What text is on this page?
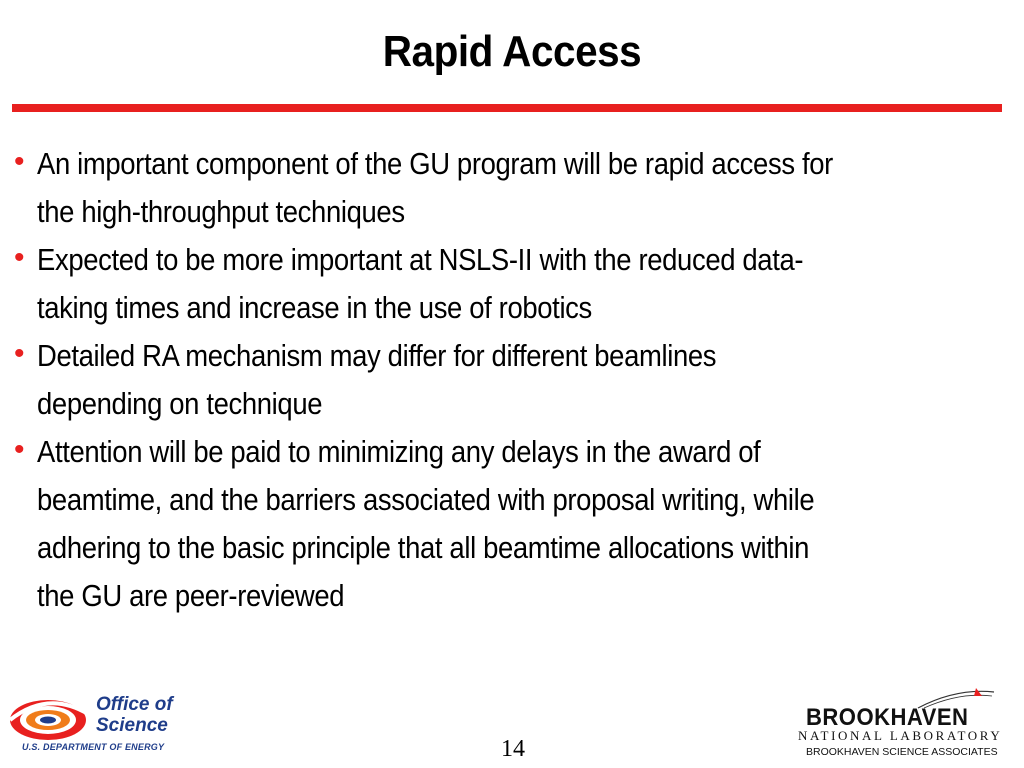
Rapid Access
• An important component of the GU program will be rapid access for
the high-throughput techniques
• Expected to be more important at NSLS-II with the reduced data-
taking times and increase in the use of robotics
• Detailed RA mechanism may differ for different beamlines
depending on technique
• Attention will be paid to minimizing any delays in the award of
beamtime, and the barriers associated with proposal writing, while
adhering to the basic principle that all beamtime allocations within
the GU are peer-reviewed
Office of
Science
U.S. DEPARTMENT OF ENERGY	14
BROOKHAVEN
NATIONAL LABORATORY
BROOKHAVEN SCIENCE ASSOCIATES
